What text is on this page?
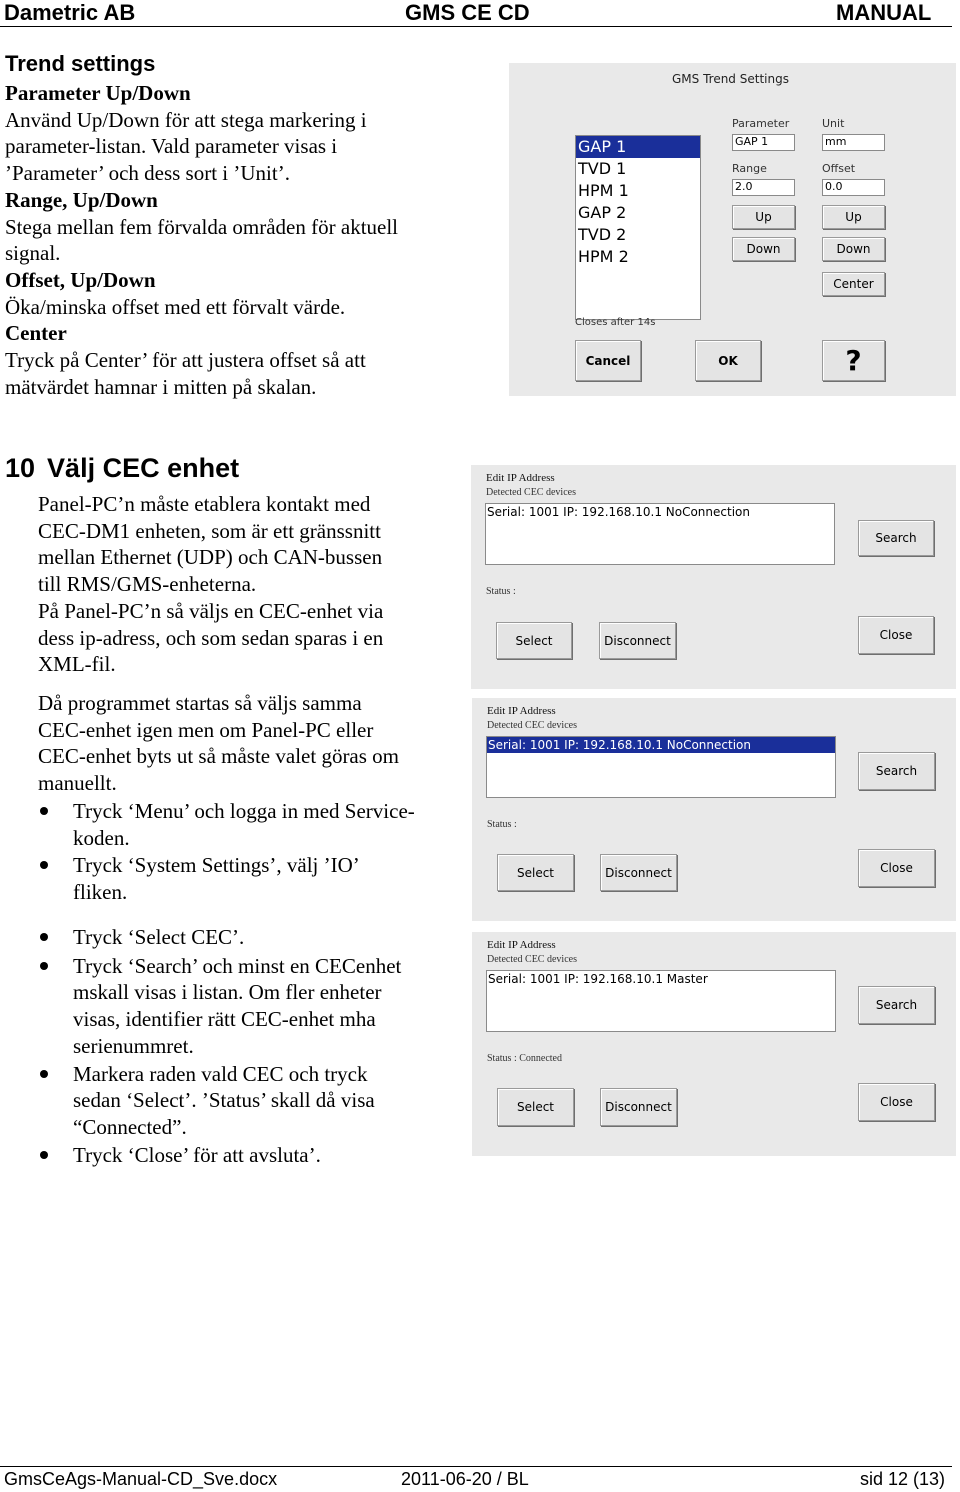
Dametric AB	GMS CE CD	MANUAL
Trend settings
Parameter Up/Down
Använd Up/Down för att stega markering i
parameter-listan. Vald parameter visas i
’Parameter’ och dess sort i ’Unit’.
Range, Up/Down
Stega mellan fem förvalda områden för aktuell
signal.
Offset, Up/Down
Öka/minska offset med ett förvalt värde.
Center
Tryck på Center’ för att justera offset så att
mätvärdet hamnar i mitten på skalan.
GMS Trend Settings
GAP 1
TVD 1
HPM 1
GAP 2
TVD 2
HPM 2
Parameter
GAP 1
Unit
mm
Range
2.0
Offset
0.0
Up	Up
Down	Down
Center
Closes after 14s
Cancel	OK	?
10 Välj CEC enhet
Panel-PC’n måste etablera kontakt med
CEC-DM1 enheten, som är ett gränssnitt
mellan Ethernet (UDP) och CAN-bussen
till RMS/GMS-enheterna.
På Panel-PC’n så väljs en CEC-enhet via
dess ip-adress, och som sedan sparas i en
XML-fil.
Då programmet startas så väljs samma
CEC-enhet igen men om Panel-PC eller
CEC-enhet byts ut så måste valet göras om
manuellt.
Tryck ‘Menu’ och logga in med Service-
koden.
Tryck ‘System Settings’, välj ’IO’
fliken.
Tryck ‘Select CEC’.
Tryck ‘Search’ och minst en CECenhet
mskall visas i listan. Om fler enheter
visas, identifier rätt CEC-enhet mha
serienummret.
Markera raden vald CEC och tryck
sedan ‘Select’. ’Status’ skall då visa
“Connected”.
Tryck ‘Close’ för att avsluta’.
Edit IP Address
Detected CEC devices
Serial: 1001 IP: 192.168.10.1 NoConnection
Status :
Search
Select	Disconnect	Close
Edit IP Address
Detected CEC devices
Serial: 1001 IP: 192.168.10.1 NoConnection
Status :
Search
Select	Disconnect	Close
Edit IP Address
Detected CEC devices
Serial: 1001 IP: 192.168.10.1 Master
Status : Connected
Search
Select	Disconnect	Close
GmsCeAgs-Manual-CD_Sve.docx	2011-06-20 / BL	sid 12 (13)
